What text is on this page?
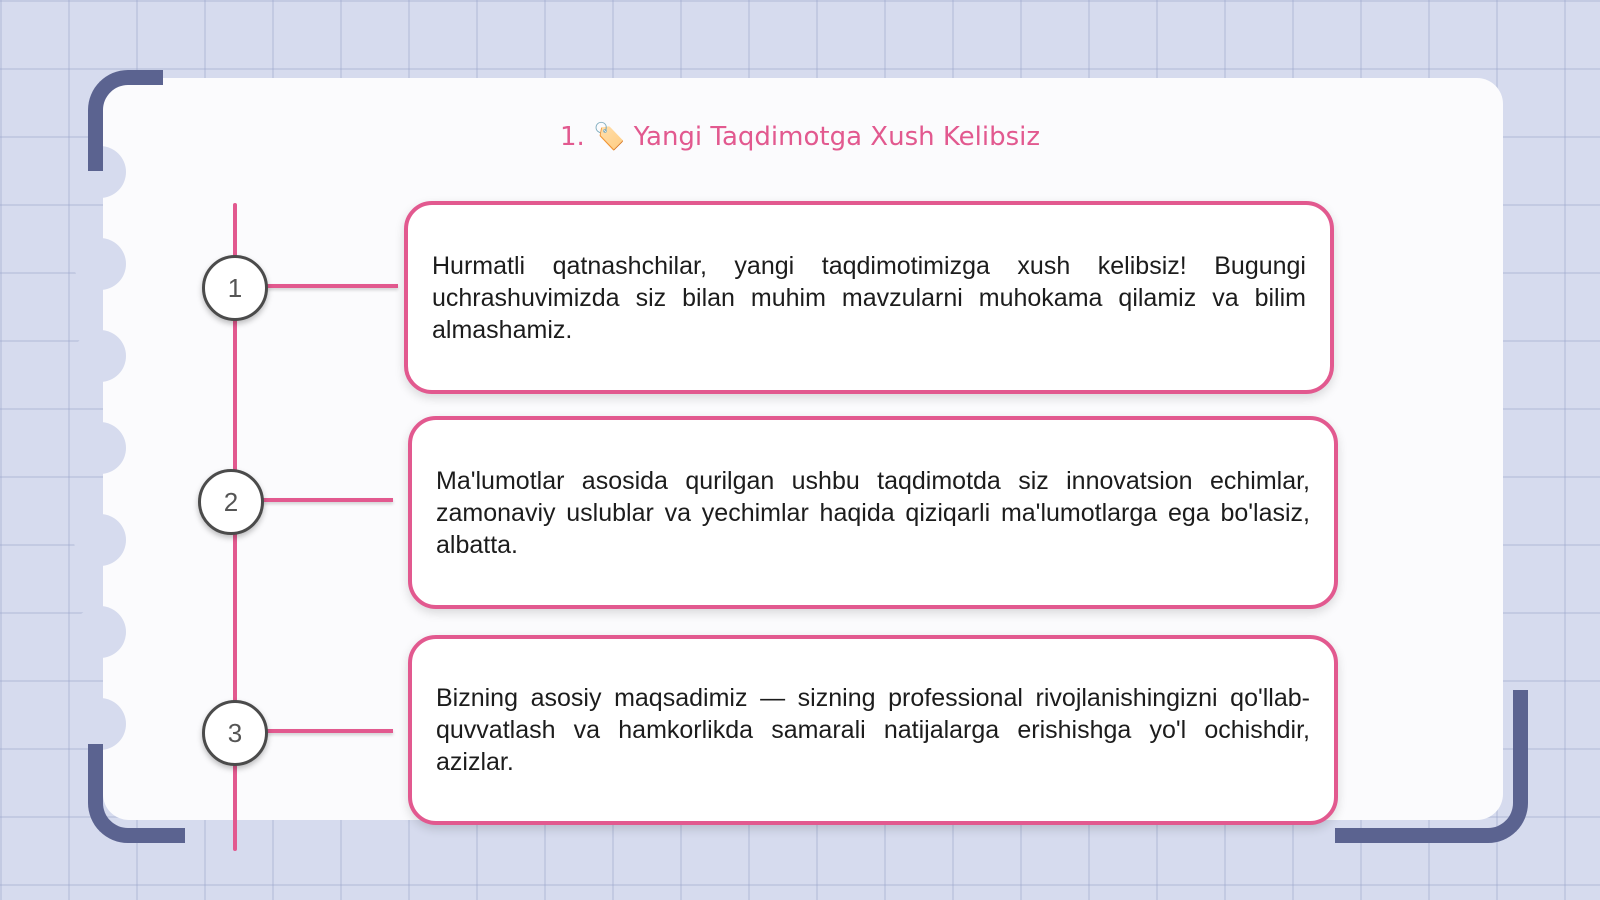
1. 🏷️ Yangi Taqdimotga Xush Kelibsiz
1
2
3

Hurmatli qatnashchilar, yangi taqdimotimizga xush kelibsiz! Bugungi uchrashuvimizda siz bilan muhim mavzularni muhokama qilamiz va bilim almashamiz.

Ma'lumotlar asosida qurilgan ushbu taqdimotda siz innovatsion echimlar, zamonaviy uslublar va yechimlar haqida qiziqarli ma'lumotlarga ega bo'lasiz, albatta.

Bizning asosiy maqsadimiz — sizning professional rivojlanishingizni qo'llab-quvvatlash va hamkorlikda samarali natijalarga erishishga yo'l ochishdir, azizlar.
